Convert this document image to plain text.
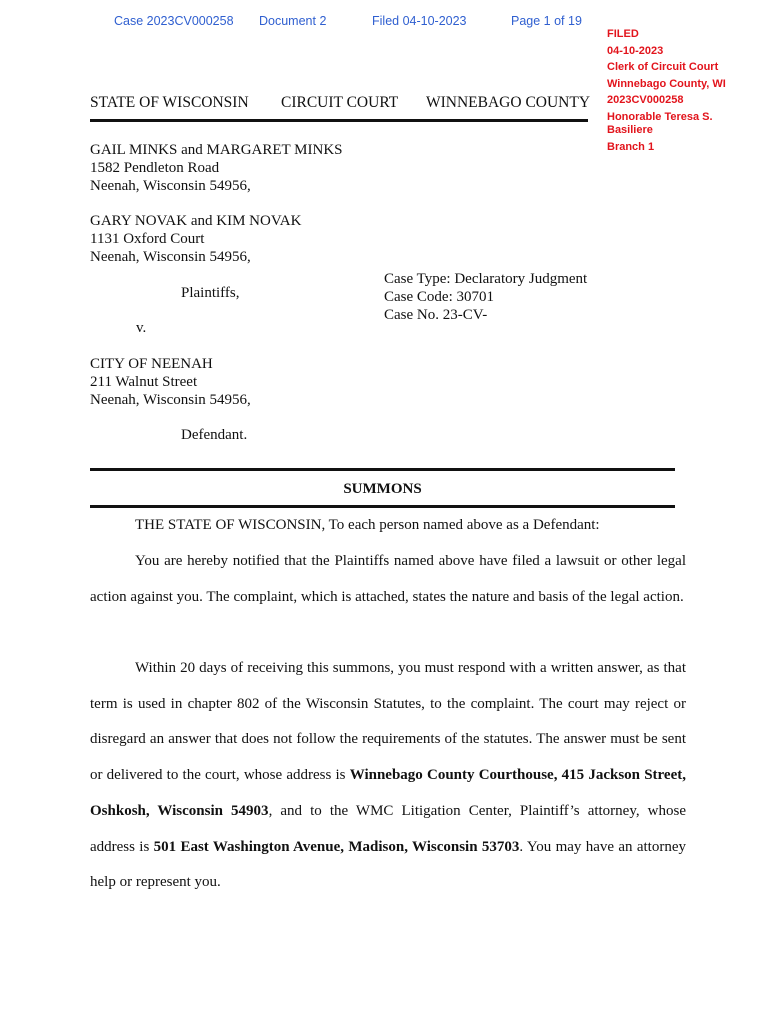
Case 2023CV000258 Document 2	Filed 04-10-2023	Page 1 of 19
FILED
04-10-2023
Clerk of Circuit Court
Winnebago County, WI
2023CV000258
Honorable Teresa S.
Basiliere
Branch 1
STATE OF WISCONSIN CIRCUIT COURT WINNEBAGO COUNTY
GAIL MINKS and MARGARET MINKS
1582 Pendleton Road
Neenah, Wisconsin 54956,
GARY NOVAK and KIM NOVAK
1131 Oxford Court
Neenah, Wisconsin 54956,
Case Type: Declaratory Judgment
Case Code: 30701
Case No. 23-CV-
Plaintiffs,
v.
CITY OF NEENAH
211 Walnut Street
Neenah, Wisconsin 54956,
Defendant.
SUMMONS
THE STATE OF WISCONSIN, To each person named above as a Defendant:
You are hereby notified that the Plaintiffs named above have filed a lawsuit or other legal action against you. The complaint, which is attached, states the nature and basis of the legal action.
Within 20 days of receiving this summons, you must respond with a written answer, as that term is used in chapter 802 of the Wisconsin Statutes, to the complaint. The court may reject or disregard an answer that does not follow the requirements of the statutes. The answer must be sent or delivered to the court, whose address is Winnebago County Courthouse, 415 Jackson Street, Oshkosh, Wisconsin 54903, and to the WMC Litigation Center, Plaintiff’s attorney, whose address is 501 East Washington Avenue, Madison, Wisconsin 53703. You may have an attorney help or represent you.
